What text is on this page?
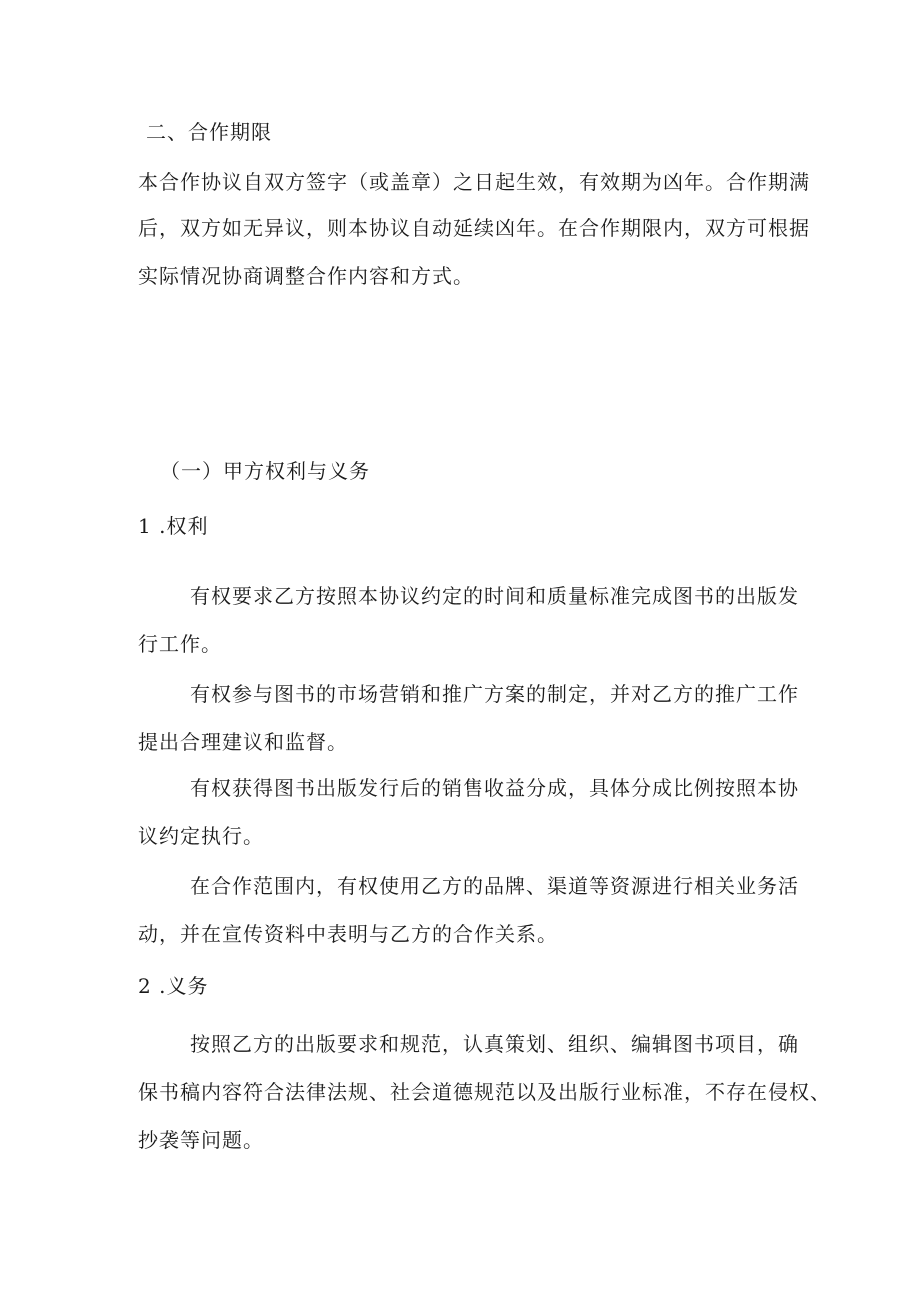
二、合作期限
本合作协议自双方签字（或盖章）之日起生效，有效期为凶年。合作期满
后，双方如无异议，则本协议自动延续凶年。在合作期限内，双方可根据
实际情况协商调整合作内容和方式。
（一）甲方权利与义务
1 .权利
有权要求乙方按照本协议约定的时间和质量标准完成图书的出版发
行工作。
有权参与图书的市场营销和推广方案的制定，并对乙方的推广工作
提出合理建议和监督。
有权获得图书出版发行后的销售收益分成，具体分成比例按照本协
议约定执行。
在合作范围内，有权使用乙方的品牌、渠道等资源进行相关业务活
动，并在宣传资料中表明与乙方的合作关系。
2 .义务
按照乙方的出版要求和规范，认真策划、组织、编辑图书项目，确
保书稿内容符合法律法规、社会道德规范以及出版行业标准，不存在侵权、
抄袭等问题。
